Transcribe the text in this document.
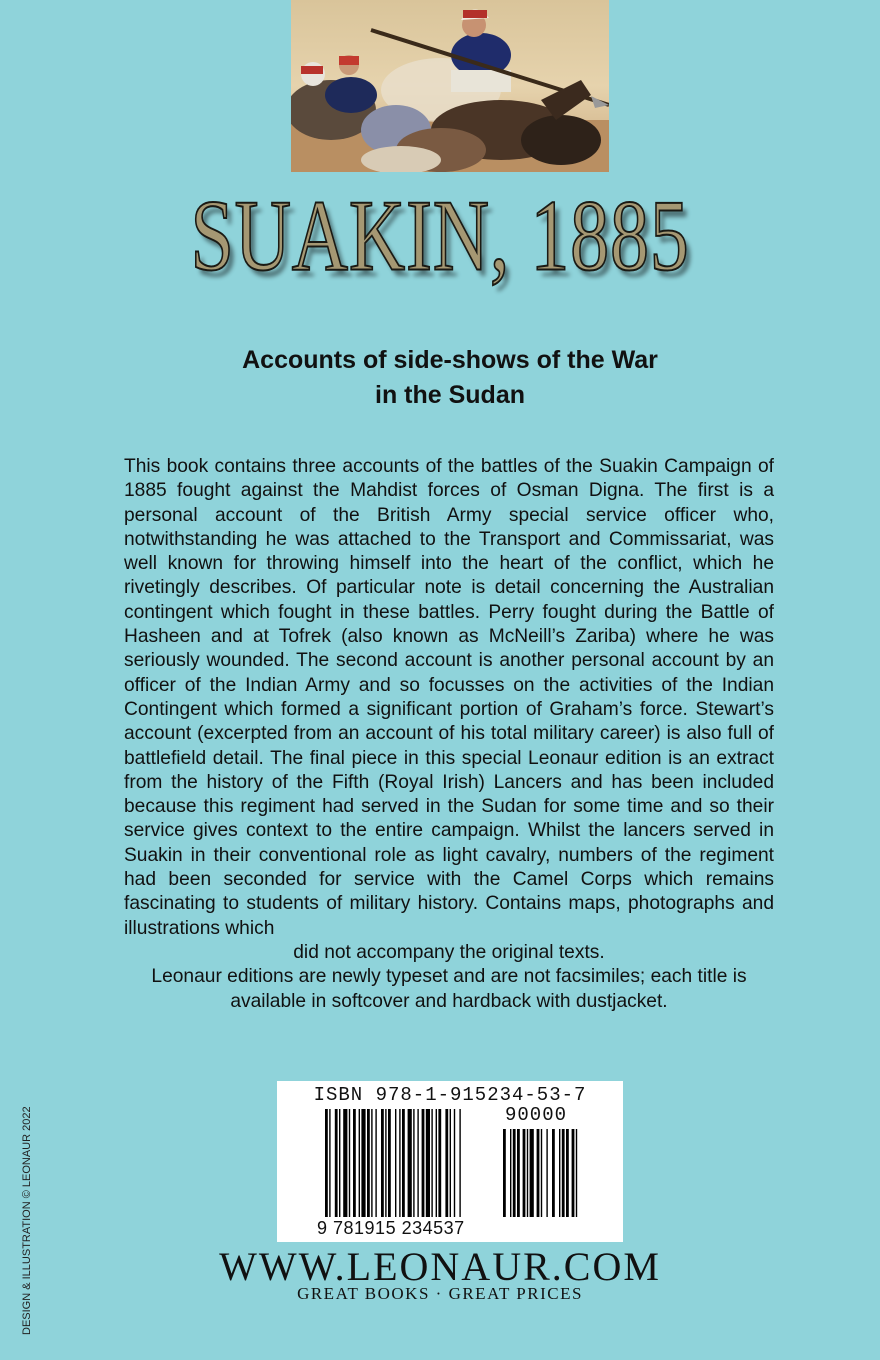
SUAKIN, 1885
Accounts of side-shows of the War
in the Sudan

This book contains three accounts of the battles of the Suakin Campaign of 1885 fought against the Mahdist forces of Osman Digna. The first is a personal account of the British Army special service officer who, notwithstanding he was attached to the Transport and Commissariat, was well known for throwing himself into the heart of the conflict, which he rivetingly describes. Of particular note is detail concerning the Australian contingent which fought in these battles. Perry fought during the Battle of Hasheen and at Tofrek (also known as McNeill’s Zariba) where he was seriously wounded. The second account is another personal account by an officer of the Indian Army and so focusses on the activities of the Indian Contingent which formed a significant portion of Graham’s force. Stewart’s account (excerpted from an account of his total military career) is also full of battlefield detail. The final piece in this special Leonaur edition is an extract from the history of the Fifth (Royal Irish) Lancers and has been included because this regiment had served in the Sudan for some time and so their service gives context to the entire campaign. Whilst the lancers served in Suakin in their conventional role as light cavalry, numbers of the regiment had been seconded for service with the Camel Corps which remains fascinating to students of military history. Contains maps, photographs and illustrations which

did not accompany the original texts.

Leonaur editions are newly typeset and are not facsimiles; each title is available in softcover and hardback with dustjacket.

ISBN 978-1-915234-53-7
90000
9 781915 234537
WWW.LEONAUR.COM
GREAT BOOKS · GREAT PRICES
DESIGN & ILLUSTRATION © LEONAUR 2022
